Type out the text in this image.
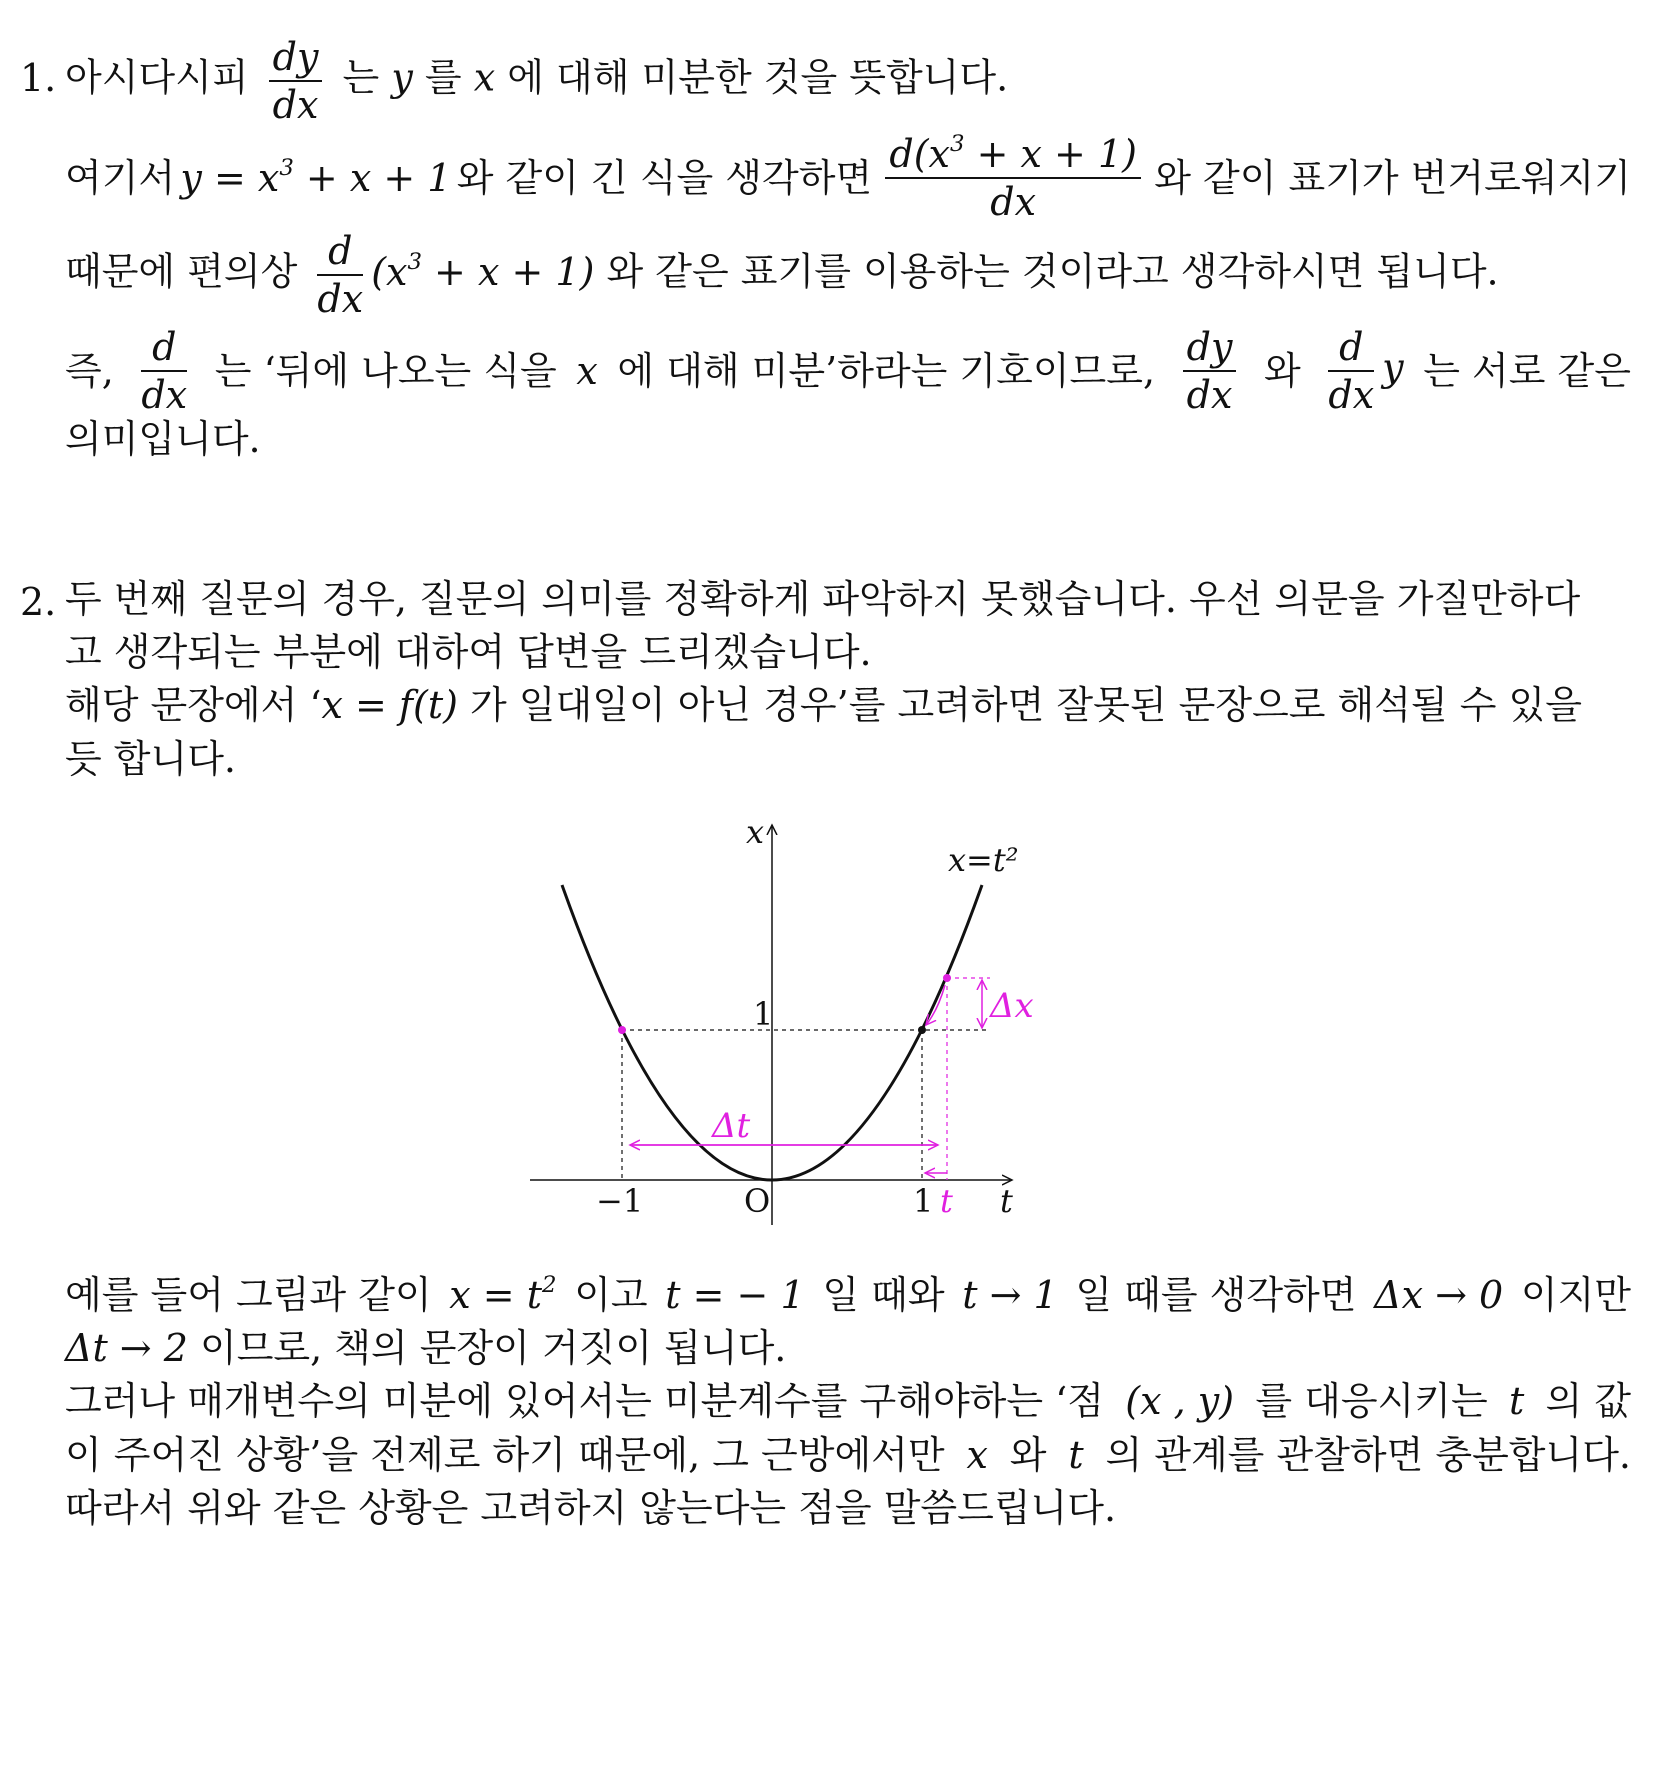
1. 아시다시피 $\frac{dy}{dx}$ 는 y 를 x 에 대해 미분한 것을 뜻합니다.
여기서 $y = x^3 + x + 1$ 와 같이 긴 식을 생각하면 $\frac{d(x^3 + x + 1)}{dx}$ 와 같이 표기가 번거로워지기
때문에 편의상 $\frac{d}{dx} (x^3 + x + 1)$ 와 같은 표기를 이용하는 것이라고 생각하시면 됩니다.
즉, $\frac{d}{dx}$ 는 ‘뒤에 나오는 식을 x 에 대해 미분’하라는 기호이므로, $\frac{dy}{dx}$ 와 $\frac{d}{dx}$ y 는 서로 같은
의미입니다.
2. 두 번째 질문의 경우, 질문의 의미를 정확하게 파악하지 못했습니다. 우선 의문을 가질만하다
고 생각되는 부분에 대하여 답변을 드리겠습니다.
해당 문장에서 ‘x = f(t) 가 일대일이 아닌 경우’를 고려하면 잘못된 문장으로 해석될 수 있을
듯 합니다.
x
x=t²
1
−1	O	1 t t
Δt
Δx
예를 들어 그림과 같이 $x = t^2$ 이고 t = − 1 일 때와 t → 1 일 때를 생각하면 Δx → 0 이지만
Δt → 2 이므로, 책의 문장이 거짓이 됩니다.
그러나 매개변수의 미분에 있어서는 미분계수를 구해야하는 ‘점 (x , y) 를 대응시키는 t 의 값
이 주어진 상황’을 전제로 하기 때문에, 그 근방에서만 x 와 t 의 관계를 관찰하면 충분합니다.
따라서 위와 같은 상황은 고려하지 않는다는 점을 말씀드립니다.
